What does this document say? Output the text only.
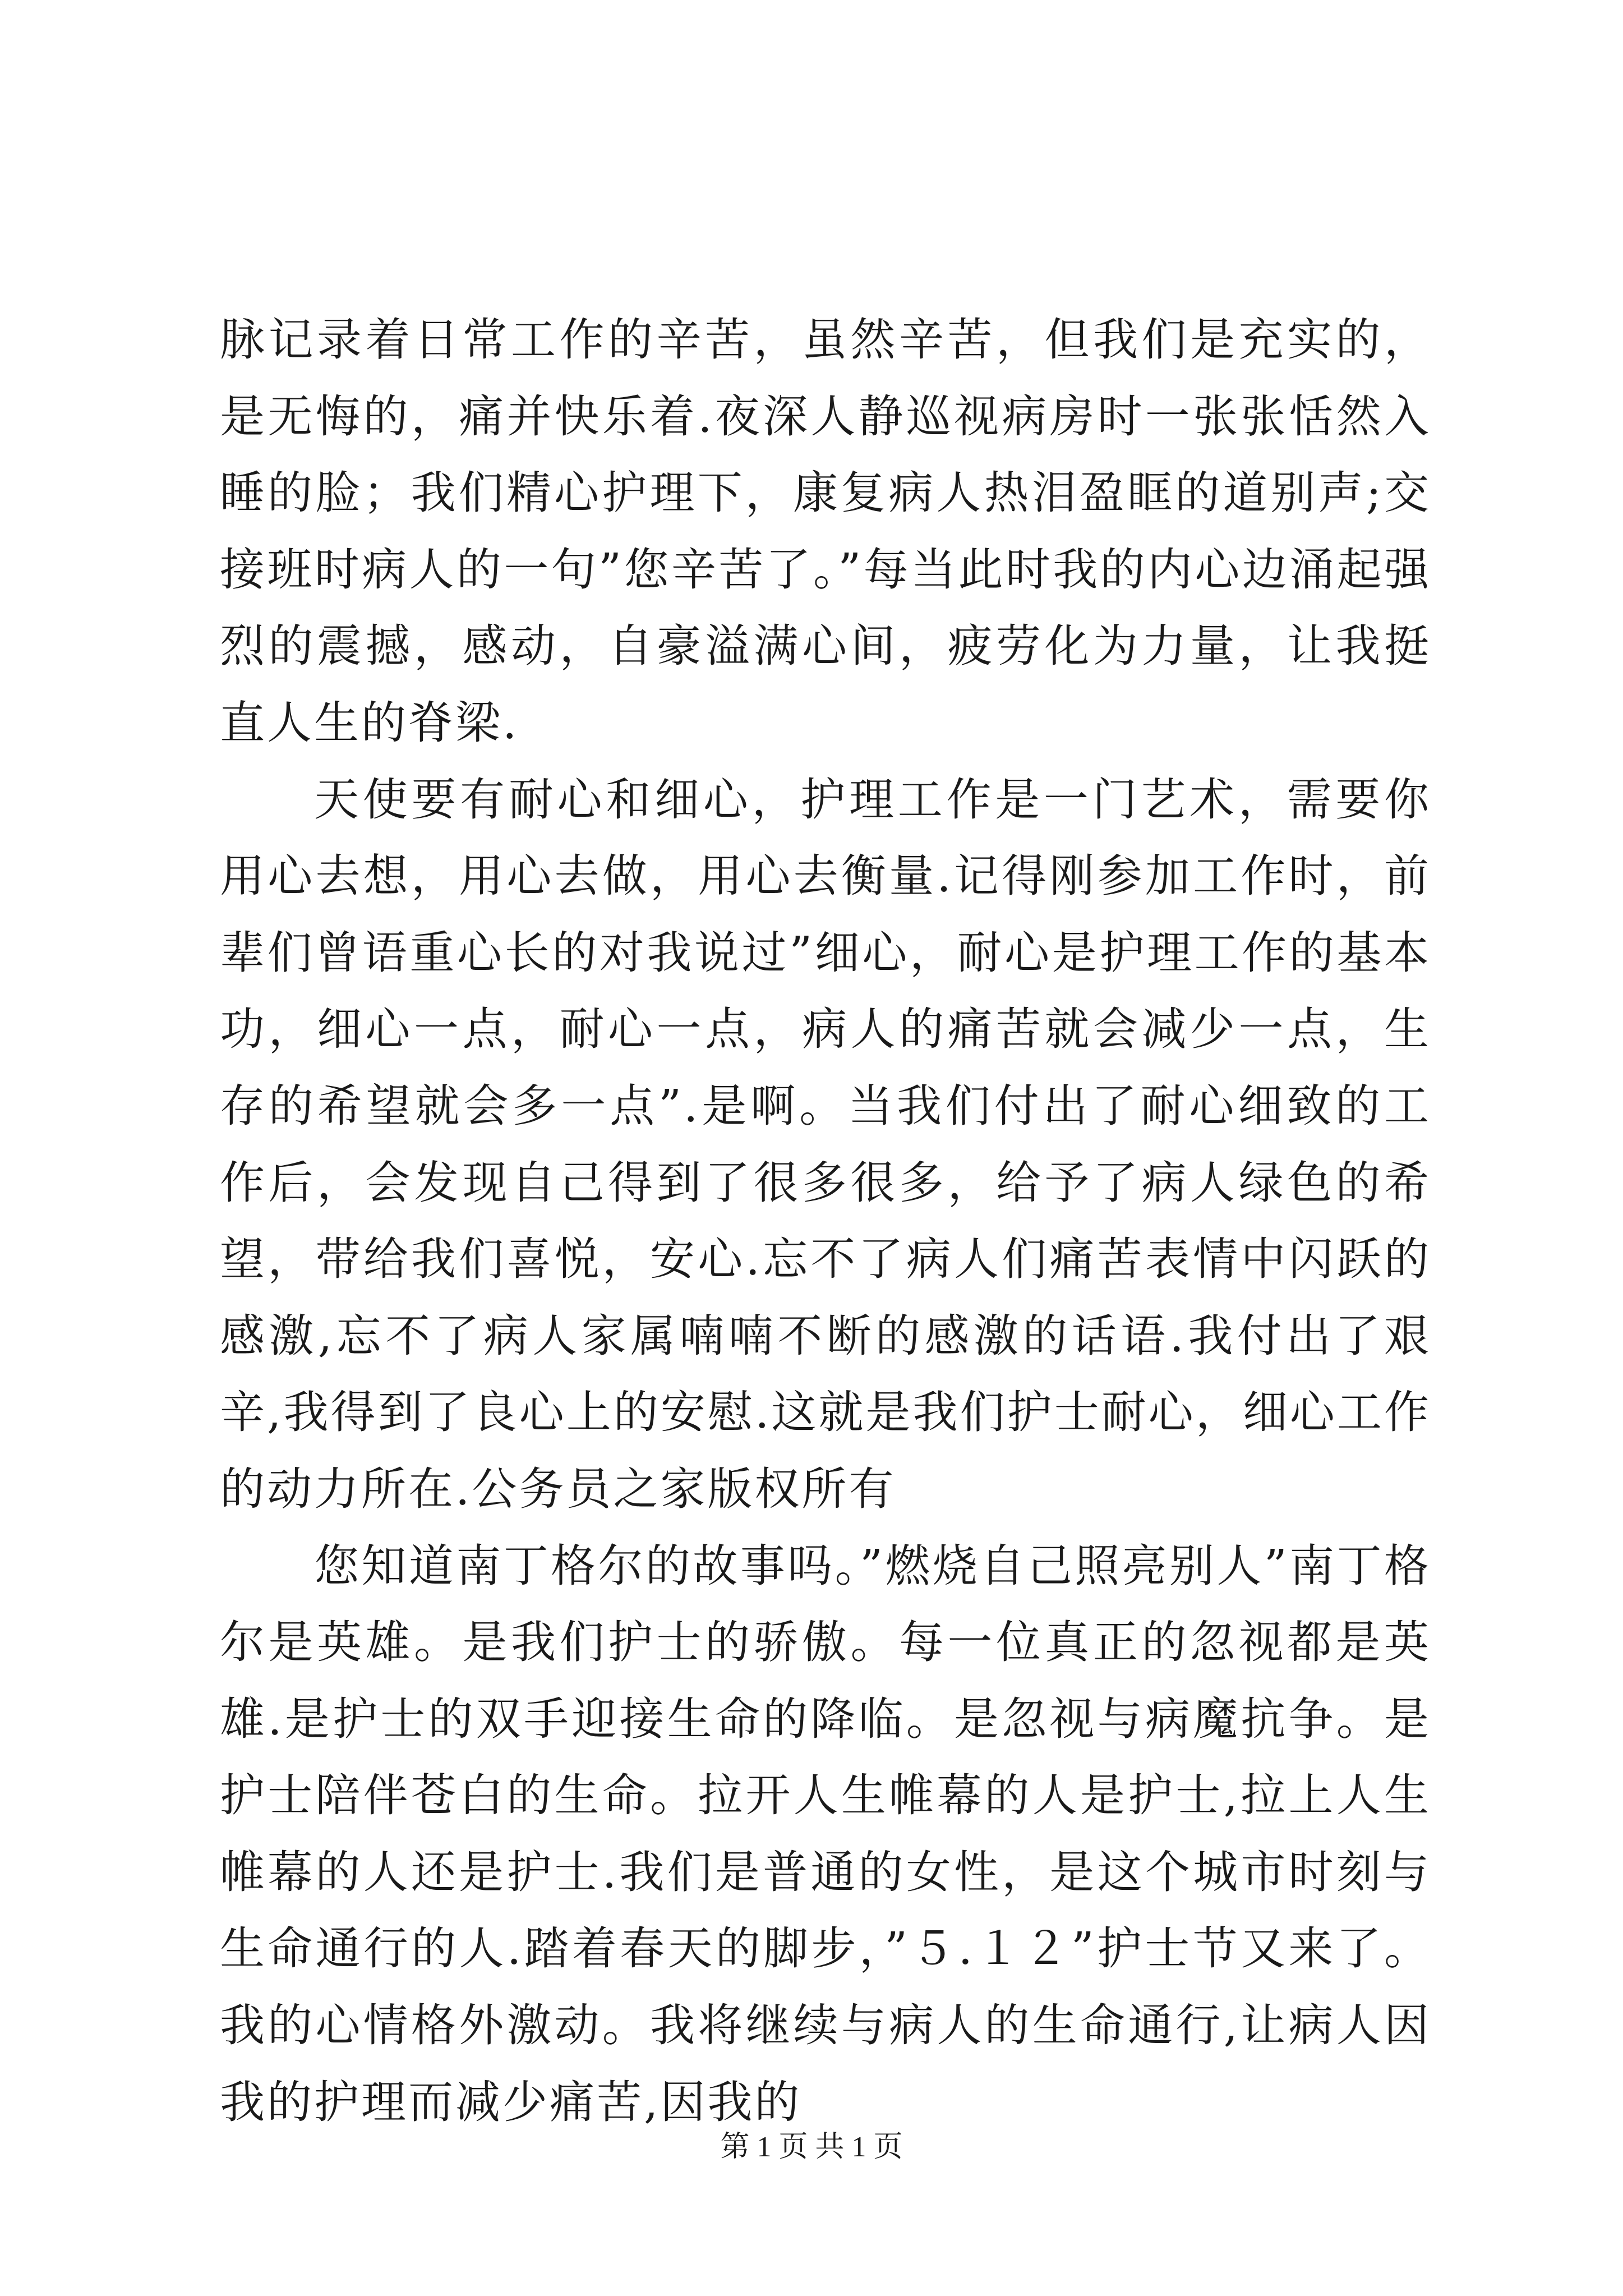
脉记录着日常工作的辛苦，虽然辛苦，但我们是充实的，是无悔的，痛并快乐着.夜深人静巡视病房时一张张恬然入睡的脸；我们精心护理下，康复病人热泪盈眶的道别声;交接班时病人的一句”您辛苦了。”每当此时我的内心边涌起强烈的震撼，感动，自豪溢满心间，疲劳化为力量，让我挺直人生的脊梁.

天使要有耐心和细心，护理工作是一门艺术，需要你用心去想，用心去做，用心去衡量.记得刚参加工作时，前辈们曾语重心长的对我说过”细心，耐心是护理工作的基本功，细心一点，耐心一点，病人的痛苦就会减少一点，生存的希望就会多一点”.是啊。当我们付出了耐心细致的工作后，会发现自己得到了很多很多，给予了病人绿色的希望，带给我们喜悦，安心.忘不了病人们痛苦表情中闪跃的感激,忘不了病人家属喃喃不断的感激的话语.我付出了艰辛,我得到了良心上的安慰.这就是我们护士耐心，细心工作的动力所在.公务员之家版权所有

您知道南丁格尔的故事吗。”燃烧自己照亮别人”南丁格尔是英雄。是我们护士的骄傲。每一位真正的忽视都是英雄.是护士的双手迎接生命的降临。是忽视与病魔抗争。是护士陪伴苍白的生命。拉开人生帷幕的人是护士,拉上人生帷幕的人还是护士.我们是普通的女性，是这个城市时刻与生命通行的人.踏着春天的脚步，”５.１２”护士节又来了。我的心情格外激动。我将继续与病人的生命通行,让病人因我的护理而减少痛苦,因我的

第 1 页 共 1 页
